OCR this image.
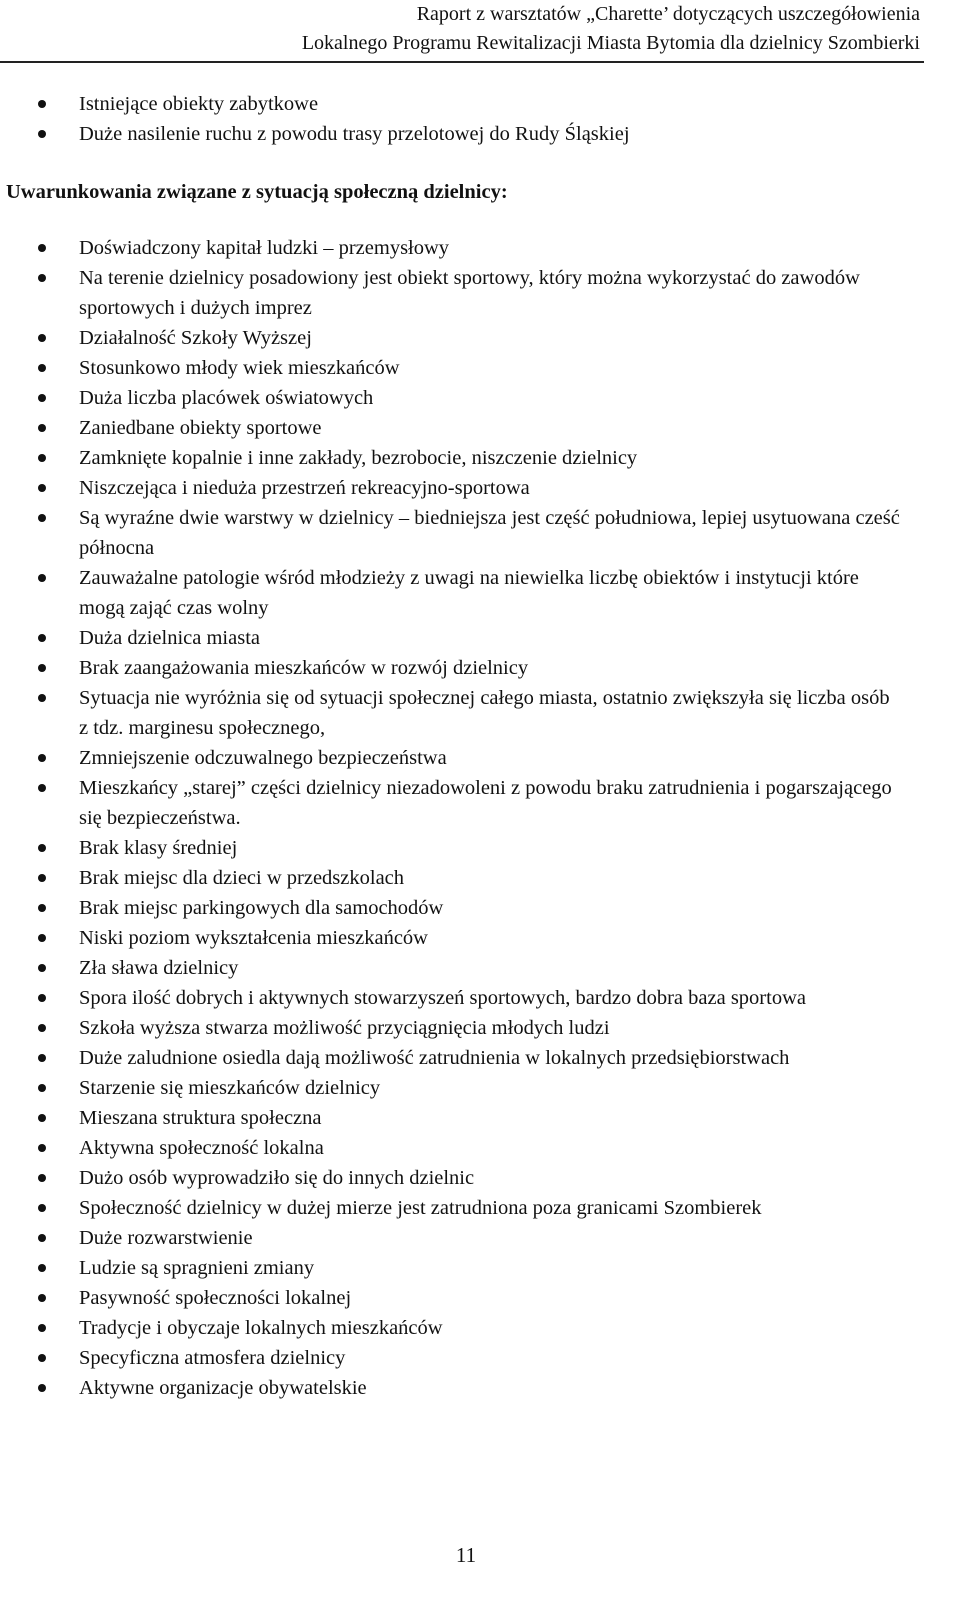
Raport z warsztatów „Charette’ dotyczących uszczegółowienia
Lokalnego Programu Rewitalizacji Miasta Bytomia dla dzielnicy Szombierki
Istniejące obiekty zabytkowe
Duże nasilenie ruchu z powodu trasy przelotowej do Rudy Śląskiej
Uwarunkowania związane z sytuacją społeczną dzielnicy:
Doświadczony kapitał ludzki – przemysłowy
Na terenie dzielnicy posadowiony jest obiekt sportowy, który można wykorzystać do zawodów sportowych i dużych imprez
Działalność Szkoły Wyższej
Stosunkowo młody wiek mieszkańców
Duża liczba placówek oświatowych
Zaniedbane obiekty sportowe
Zamknięte kopalnie i inne zakłady, bezrobocie, niszczenie dzielnicy
Niszczejąca i nieduża przestrzeń rekreacyjno-sportowa
Są wyraźne dwie warstwy w dzielnicy – biedniejsza jest część południowa, lepiej usytuowana cześć północna
Zauważalne patologie wśród młodzieży z uwagi na niewielka liczbę obiektów i instytucji które mogą zająć czas wolny
Duża dzielnica miasta
Brak zaangażowania mieszkańców w rozwój dzielnicy
Sytuacja nie wyróżnia się od sytuacji społecznej całego miasta, ostatnio zwiększyła się liczba osób z tdz. marginesu społecznego,
Zmniejszenie odczuwalnego bezpieczeństwa
Mieszkańcy „starej” części dzielnicy niezadowoleni z powodu braku zatrudnienia i pogarszającego się bezpieczeństwa.
Brak klasy średniej
Brak miejsc dla dzieci w przedszkolach
Brak miejsc parkingowych dla samochodów
Niski poziom wykształcenia mieszkańców
Zła sława dzielnicy
Spora ilość dobrych i aktywnych stowarzyszeń sportowych, bardzo dobra baza sportowa
Szkoła wyższa stwarza możliwość przyciągnięcia młodych ludzi
Duże zaludnione osiedla dają możliwość zatrudnienia w lokalnych przedsiębiorstwach
Starzenie się mieszkańców dzielnicy
Mieszana struktura społeczna
Aktywna społeczność lokalna
Dużo osób wyprowadziło się do innych dzielnic
Społeczność dzielnicy w dużej mierze jest zatrudniona poza granicami Szombierek
Duże rozwarstwienie
Ludzie są spragnieni zmiany
Pasywność społeczności lokalnej
Tradycje i obyczaje lokalnych mieszkańców
Specyficzna atmosfera dzielnicy
Aktywne organizacje obywatelskie
11
